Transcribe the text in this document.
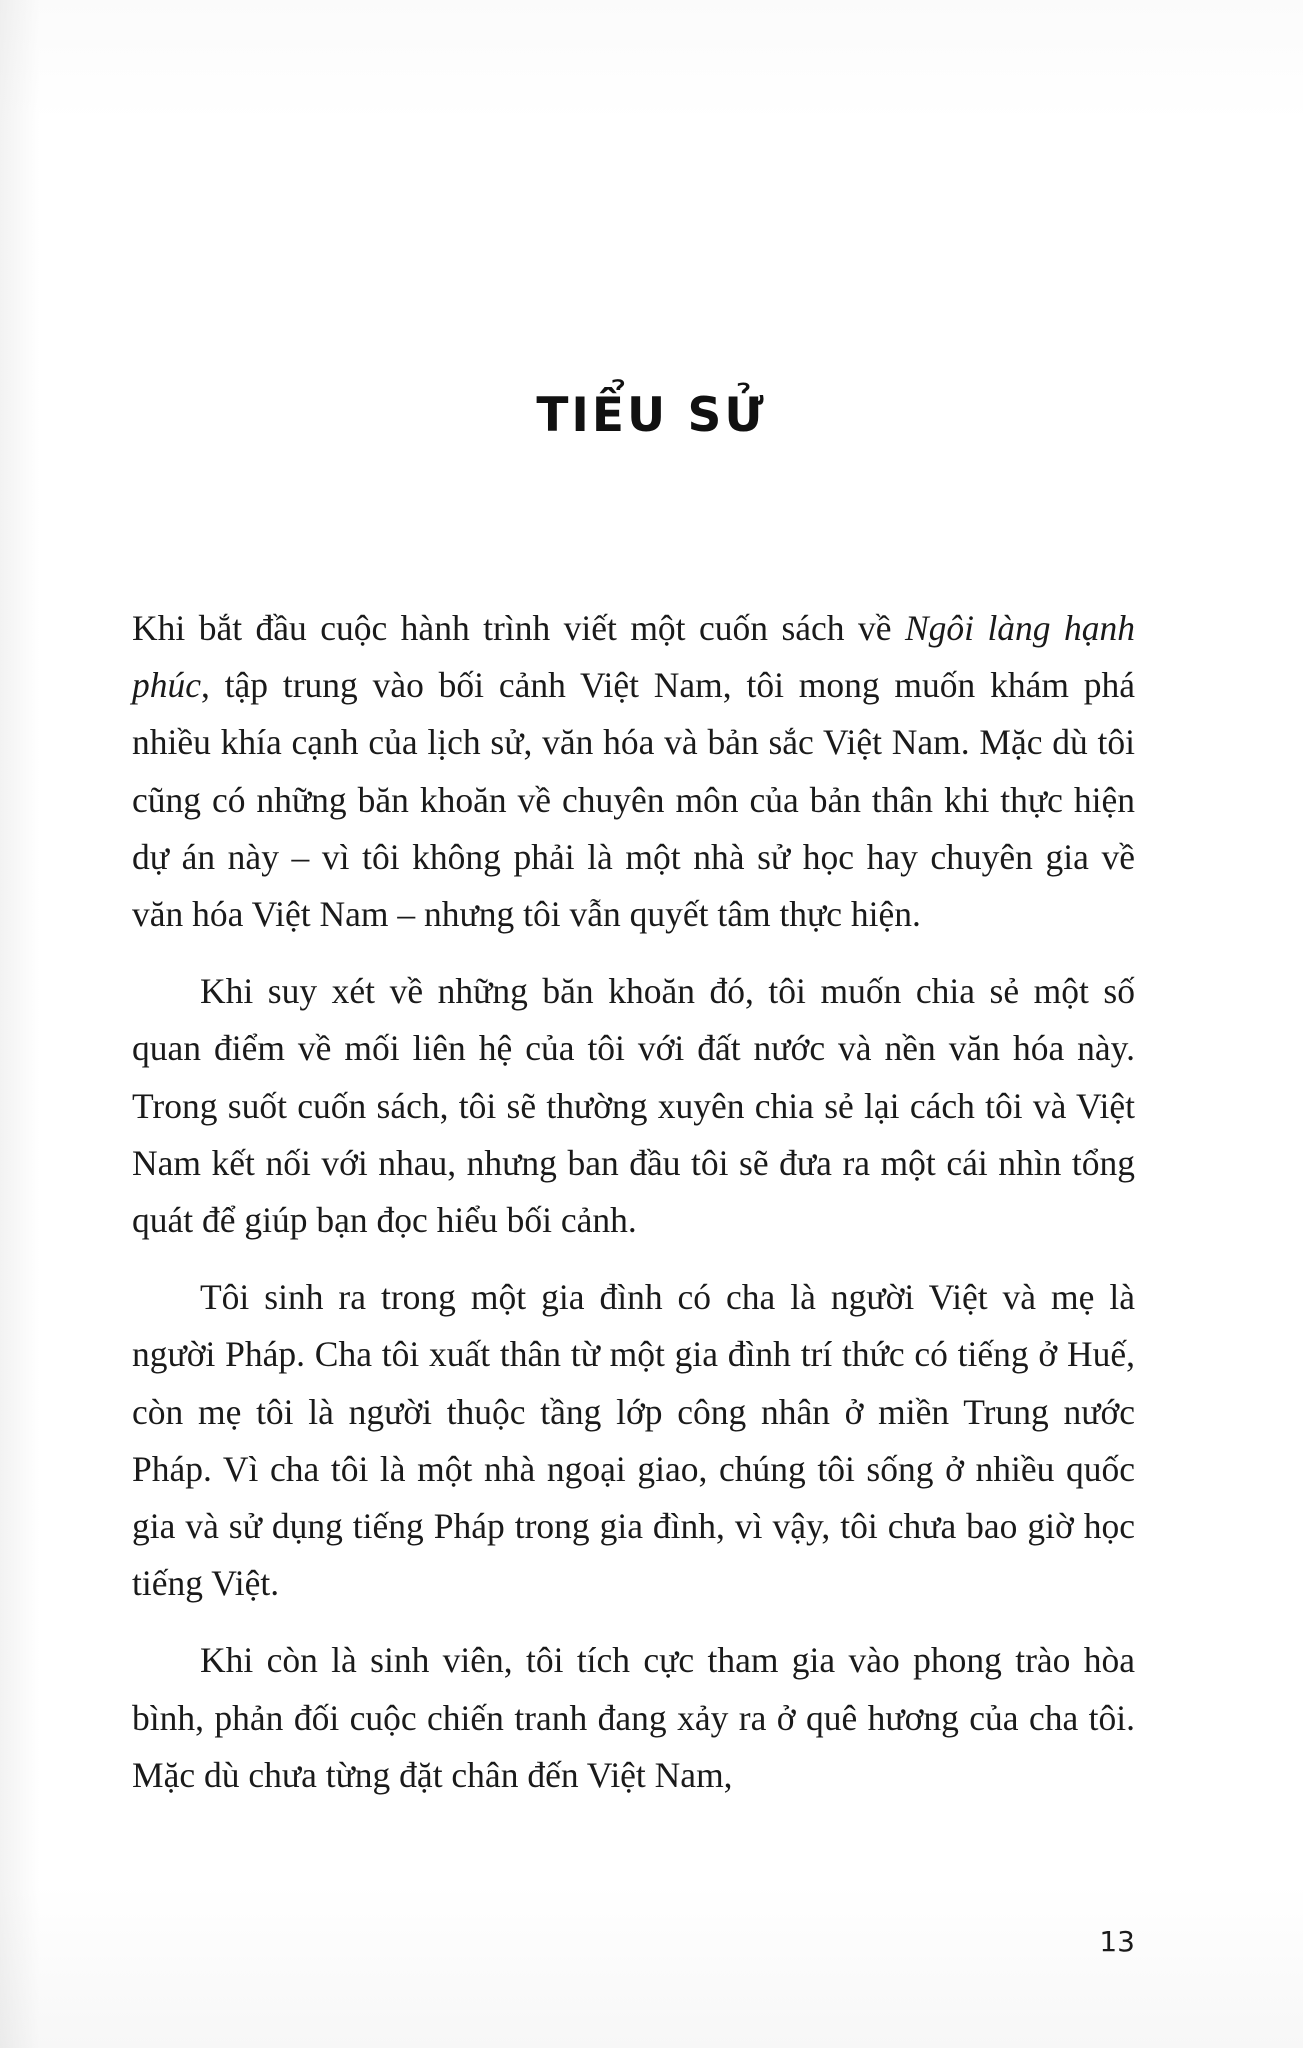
TIỂU SỬ

Khi bắt đầu cuộc hành trình viết một cuốn sách về Ngôi làng hạnh phúc, tập trung vào bối cảnh Việt Nam, tôi mong muốn khám phá nhiều khía cạnh của lịch sử, văn hóa và bản sắc Việt Nam. Mặc dù tôi cũng có những băn khoăn về chuyên môn của bản thân khi thực hiện dự án này – vì tôi không phải là một nhà sử học hay chuyên gia về văn hóa Việt Nam – nhưng tôi vẫn quyết tâm thực hiện.

Khi suy xét về những băn khoăn đó, tôi muốn chia sẻ một số quan điểm về mối liên hệ của tôi với đất nước và nền văn hóa này. Trong suốt cuốn sách, tôi sẽ thường xuyên chia sẻ lại cách tôi và Việt Nam kết nối với nhau, nhưng ban đầu tôi sẽ đưa ra một cái nhìn tổng quát để giúp bạn đọc hiểu bối cảnh.

Tôi sinh ra trong một gia đình có cha là người Việt và mẹ là người Pháp. Cha tôi xuất thân từ một gia đình trí thức có tiếng ở Huế, còn mẹ tôi là người thuộc tầng lớp công nhân ở miền Trung nước Pháp. Vì cha tôi là một nhà ngoại giao, chúng tôi sống ở nhiều quốc gia và sử dụng tiếng Pháp trong gia đình, vì vậy, tôi chưa bao giờ học tiếng Việt.

Khi còn là sinh viên, tôi tích cực tham gia vào phong trào hòa bình, phản đối cuộc chiến tranh đang xảy ra ở quê hương của cha tôi. Mặc dù chưa từng đặt chân đến Việt Nam,

13
